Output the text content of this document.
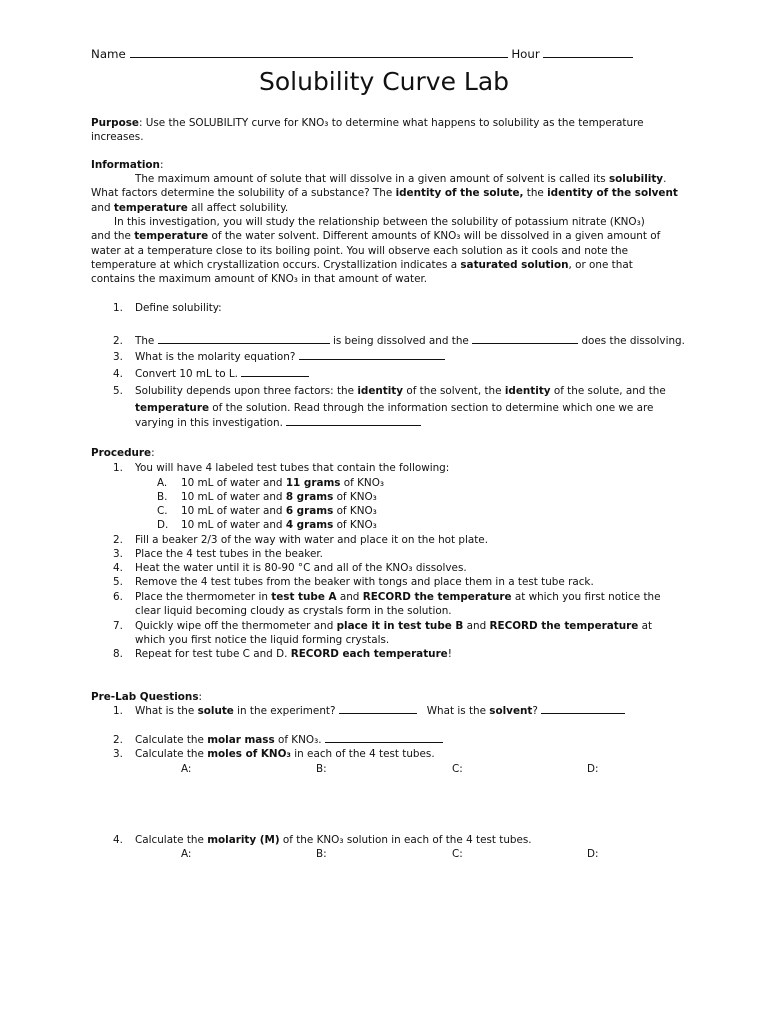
Name	Hour
Solubility Curve Lab
Purpose: Use the SOLUBILITY curve for KNO₃ to determine what happens to solubility as the temperature
increases.
Information:
The maximum amount of solute that will dissolve in a given amount of solvent is called its solubility.
What factors determine the solubility of a substance? The identity of the solute, the identity of the solvent
and temperature all affect solubility.
In this investigation, you will study the relationship between the solubility of potassium nitrate (KNO₃)
and the temperature of the water solvent. Different amounts of KNO₃ will be dissolved in a given amount of
water at a temperature close to its boiling point. You will observe each solution as it cools and note the
temperature at which crystallization occurs. Crystallization indicates a saturated solution, or one that
contains the maximum amount of KNO₃ in that amount of water.
1. Define solubility:
2. The	is being dissolved and the	does the dissolving.
3. What is the molarity equation?
4. Convert 10 mL to L.
5. Solubility depends upon three factors: the identity of the solvent, the identity of the solute, and the
temperature of the solution. Read through the information section to determine which one we are
varying in this investigation.
Procedure:
1. You will have 4 labeled test tubes that contain the following:
A. 10 mL of water and 11 grams of KNO₃
B. 10 mL of water and 8 grams of KNO₃
C. 10 mL of water and 6 grams of KNO₃
D. 10 mL of water and 4 grams of KNO₃
2. Fill a beaker 2/3 of the way with water and place it on the hot plate.
3. Place the 4 test tubes in the beaker.
4. Heat the water until it is 80-90 °C and all of the KNO₃ dissolves.
5. Remove the 4 test tubes from the beaker with tongs and place them in a test tube rack.
6. Place the thermometer in test tube A and RECORD the temperature at which you first notice the
clear liquid becoming cloudy as crystals form in the solution.
7. Quickly wipe off the thermometer and place it in test tube B and RECORD the temperature at
which you first notice the liquid forming crystals.
8. Repeat for test tube C and D. RECORD each temperature!
Pre-Lab Questions:
1. What is the solute in the experiment?	What is the solvent?
2. Calculate the molar mass of KNO₃.
3. Calculate the moles of KNO₃ in each of the 4 test tubes.
A:	B:	C:	D:
4. Calculate the molarity (M) of the KNO₃ solution in each of the 4 test tubes.
A:	B:	C:	D:
